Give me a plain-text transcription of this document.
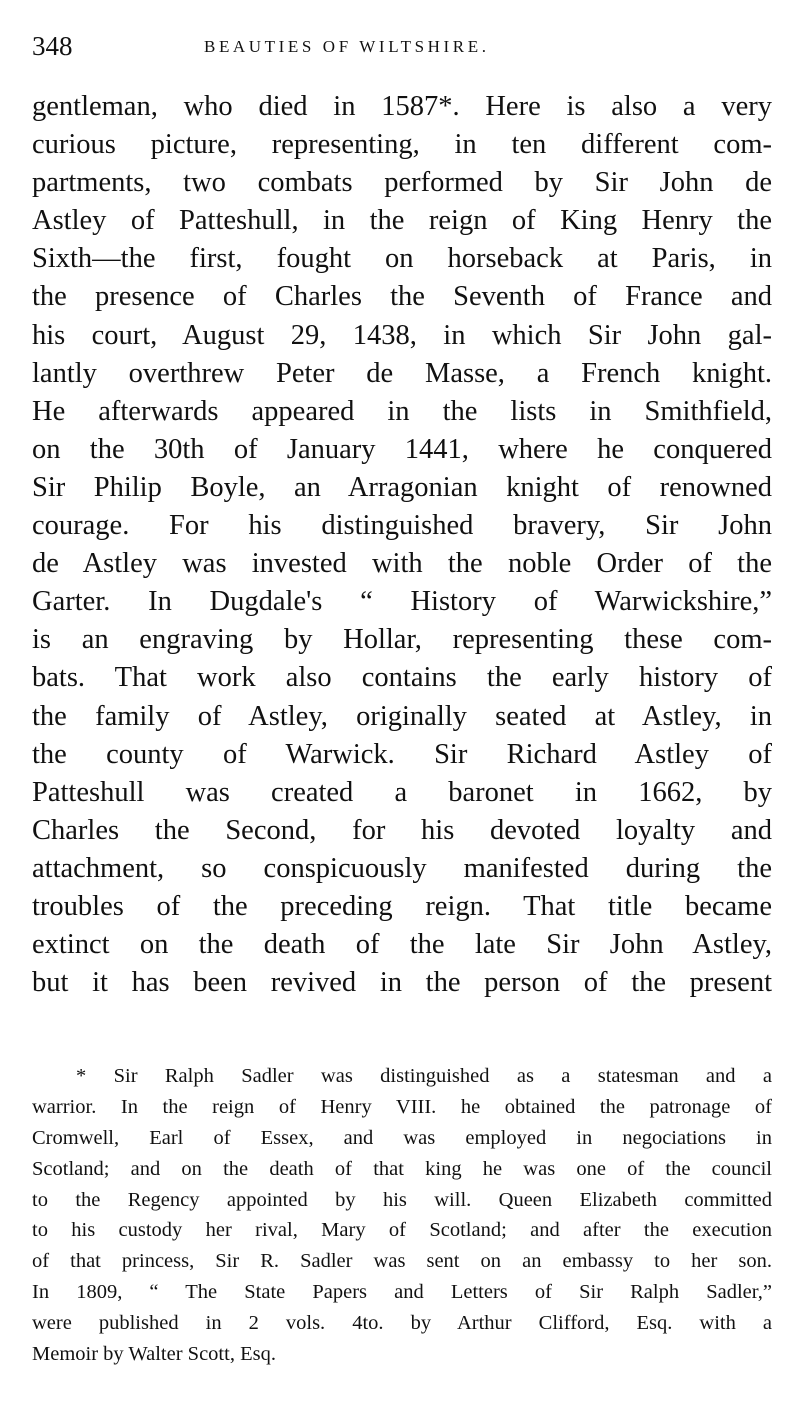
348	BEAUTIES OF WILTSHIRE.
gentleman, who died in 1587*. Here is also a very
curious picture, representing, in ten different com-
partments, two combats performed by Sir John de
Astley of Patteshull, in the reign of King Henry the
Sixth—the first, fought on horseback at Paris, in
the presence of Charles the Seventh of France and
his court, August 29, 1438, in which Sir John gal-
lantly overthrew Peter de Masse, a French knight.
He afterwards appeared in the lists in Smithfield,
on the 30th of January 1441, where he conquered
Sir Philip Boyle, an Arragonian knight of renowned
courage. For his distinguished bravery, Sir John
de Astley was invested with the noble Order of the
Garter. In Dugdale's “ History of Warwickshire,”
is an engraving by Hollar, representing these com-
bats. That work also contains the early history of
the family of Astley, originally seated at Astley, in
the county of Warwick. Sir Richard Astley of
Patteshull was created a baronet in 1662, by
Charles the Second, for his devoted loyalty and
attachment, so conspicuously manifested during the
troubles of the preceding reign. That title became
extinct on the death of the late Sir John Astley,
but it has been revived in the person of the present
* Sir Ralph Sadler was distinguished as a statesman and a
warrior. In the reign of Henry VIII. he obtained the patronage of
Cromwell, Earl of Essex, and was employed in negociations in
Scotland; and on the death of that king he was one of the council
to the Regency appointed by his will. Queen Elizabeth committed
to his custody her rival, Mary of Scotland; and after the execution
of that princess, Sir R. Sadler was sent on an embassy to her son.
In 1809, “ The State Papers and Letters of Sir Ralph Sadler,”
were published in 2 vols. 4to. by Arthur Clifford, Esq. with a
Memoir by Walter Scott, Esq.
